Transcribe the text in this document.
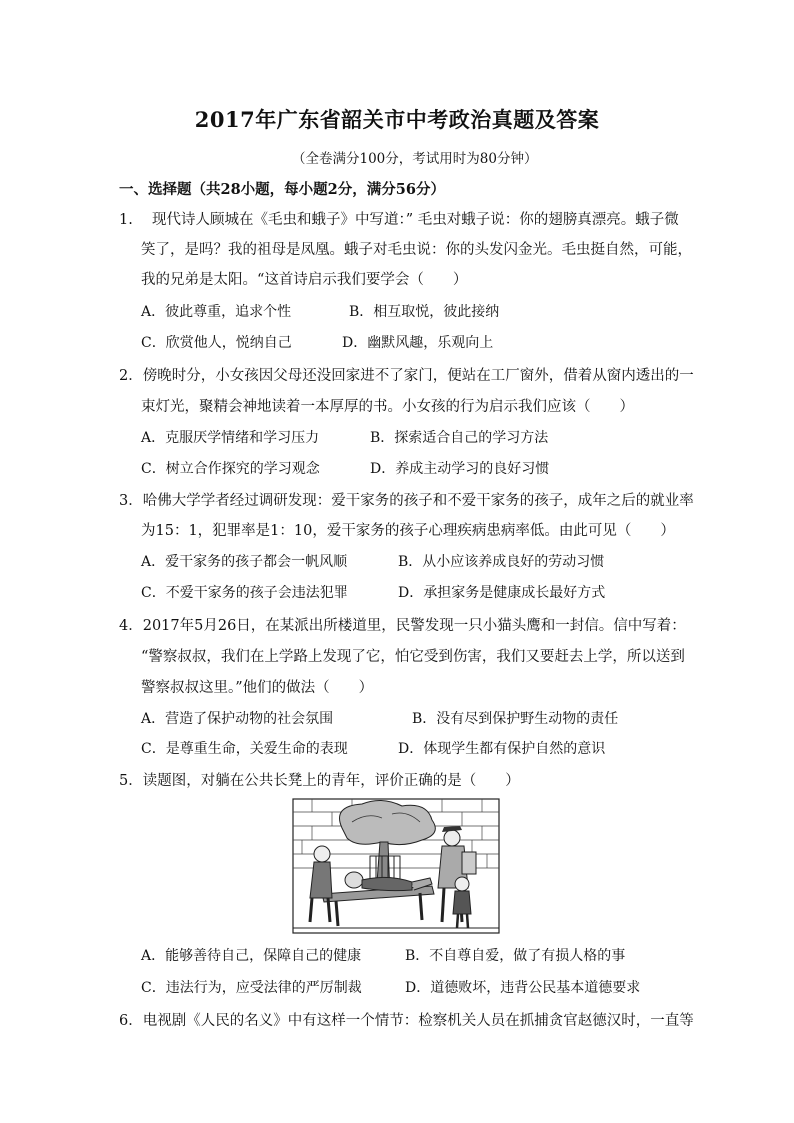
2017年广东省韶关市中考政治真题及答案
（全卷满分100分，考试用时为80分钟）
一、选择题（共28小题，每小题2分，满分56分）
1.　 现代诗人顾城在《毛虫和蛾子》中写道：” 毛虫对蛾子说：你的翅膀真漂亮。蛾子微
笑了，是吗？我的祖母是凤凰。蛾子对毛虫说：你的头发闪金光。毛虫挺自然，可能，
我的兄弟是太阳。“这首诗启示我们要学会（　　）
A．彼此尊重，追求个性	B．相互取悦，彼此接纳
C．欣赏他人，悦纳自己	D．幽默风趣，乐观向上
2．傍晚时分，小女孩因父母还没回家进不了家门，便站在工厂窗外，借着从窗内透出的一
束灯光，聚精会神地读着一本厚厚的书。小女孩的行为启示我们应该（　　）
A．克服厌学情绪和学习压力	B．探索适合自己的学习方法
C．树立合作探究的学习观念	D．养成主动学习的良好习惯
3．哈佛大学学者经过调研发现：爱干家务的孩子和不爱干家务的孩子，成年之后的就业率
为15：1，犯罪率是1：10，爱干家务的孩子心理疾病患病率低。由此可见（　　）
A．爱干家务的孩子都会一帆风顺	B．从小应该养成良好的劳动习惯
C．不爱干家务的孩子会违法犯罪	D．承担家务是健康成长最好方式
4．2017年5月26日，在某派出所楼道里，民警发现一只小猫头鹰和一封信。信中写着：
“警察叔叔，我们在上学路上发现了它，怕它受到伤害，我们又要赶去上学，所以送到
警察叔叔这里。”他们的做法（　　）
A．营造了保护动物的社会氛围	B．没有尽到保护野生动物的责任
C．是尊重生命，关爱生命的表现	D．体现学生都有保护自然的意识
5．读题图，对躺在公共长凳上的青年，评价正确的是（　　）
A．能够善待自己，保障自己的健康	B．不自尊自爱，做了有损人格的事
C．违法行为，应受法律的严厉制裁	D．道德败坏，违背公民基本道德要求
6．电视剧《人民的名义》中有这样一个情节：检察机关人员在抓捕贪官赵德汉时，一直等
